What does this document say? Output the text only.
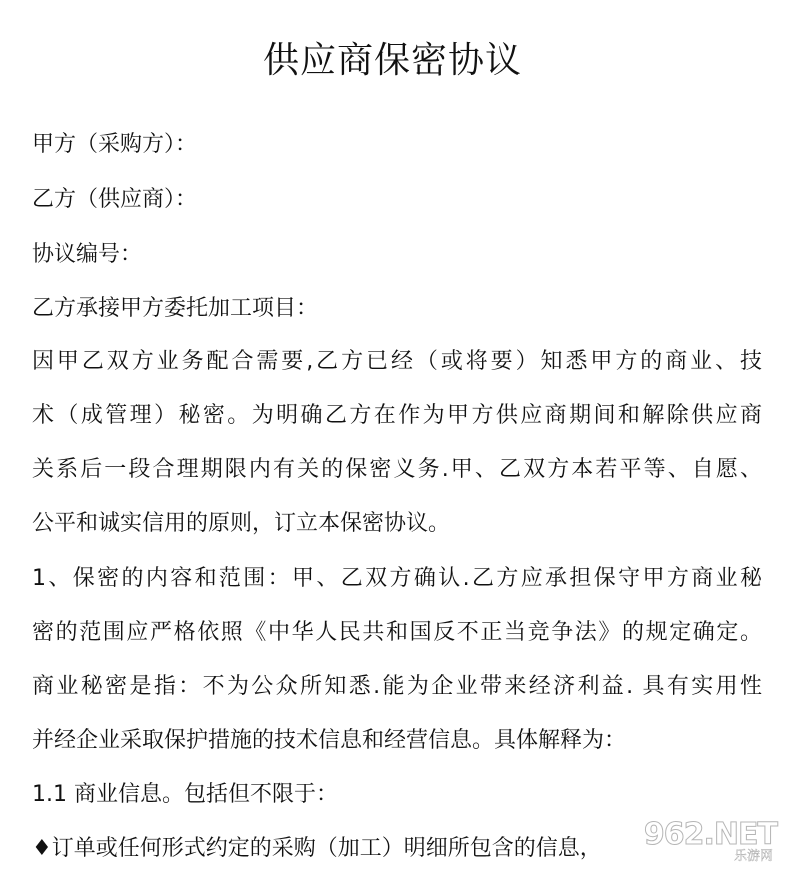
供应商保密协议

甲方（采购方）：

乙方（供应商）：

协议编号：

乙方承接甲方委托加工项目：

因甲乙双方业务配合需要,乙方已经（或将要）知悉甲方的商业、技

术（成管理）秘密。为明确乙方在作为甲方供应商期间和解除供应商

关系后一段合理期限内有关的保密义务.甲、乙双方本若平等、自愿、

公平和诚实信用的原则，订立本保密协议。

1、保密的内容和范围：甲、乙双方确认.乙方应承担保守甲方商业秘

密的范围应严格依照《中华人民共和国反不正当竞争法》的规定确定。

商业秘密是指：不为公众所知悉.能为企业带来经济利益. 具有实用性

并经企业采取保护措施的技术信息和经营信息。具体解释为：

1.1 商业信息。包括但不限于：

♦订单或任何形式约定的采购（加工）明细所包含的信息，	962.NET
乐游网
